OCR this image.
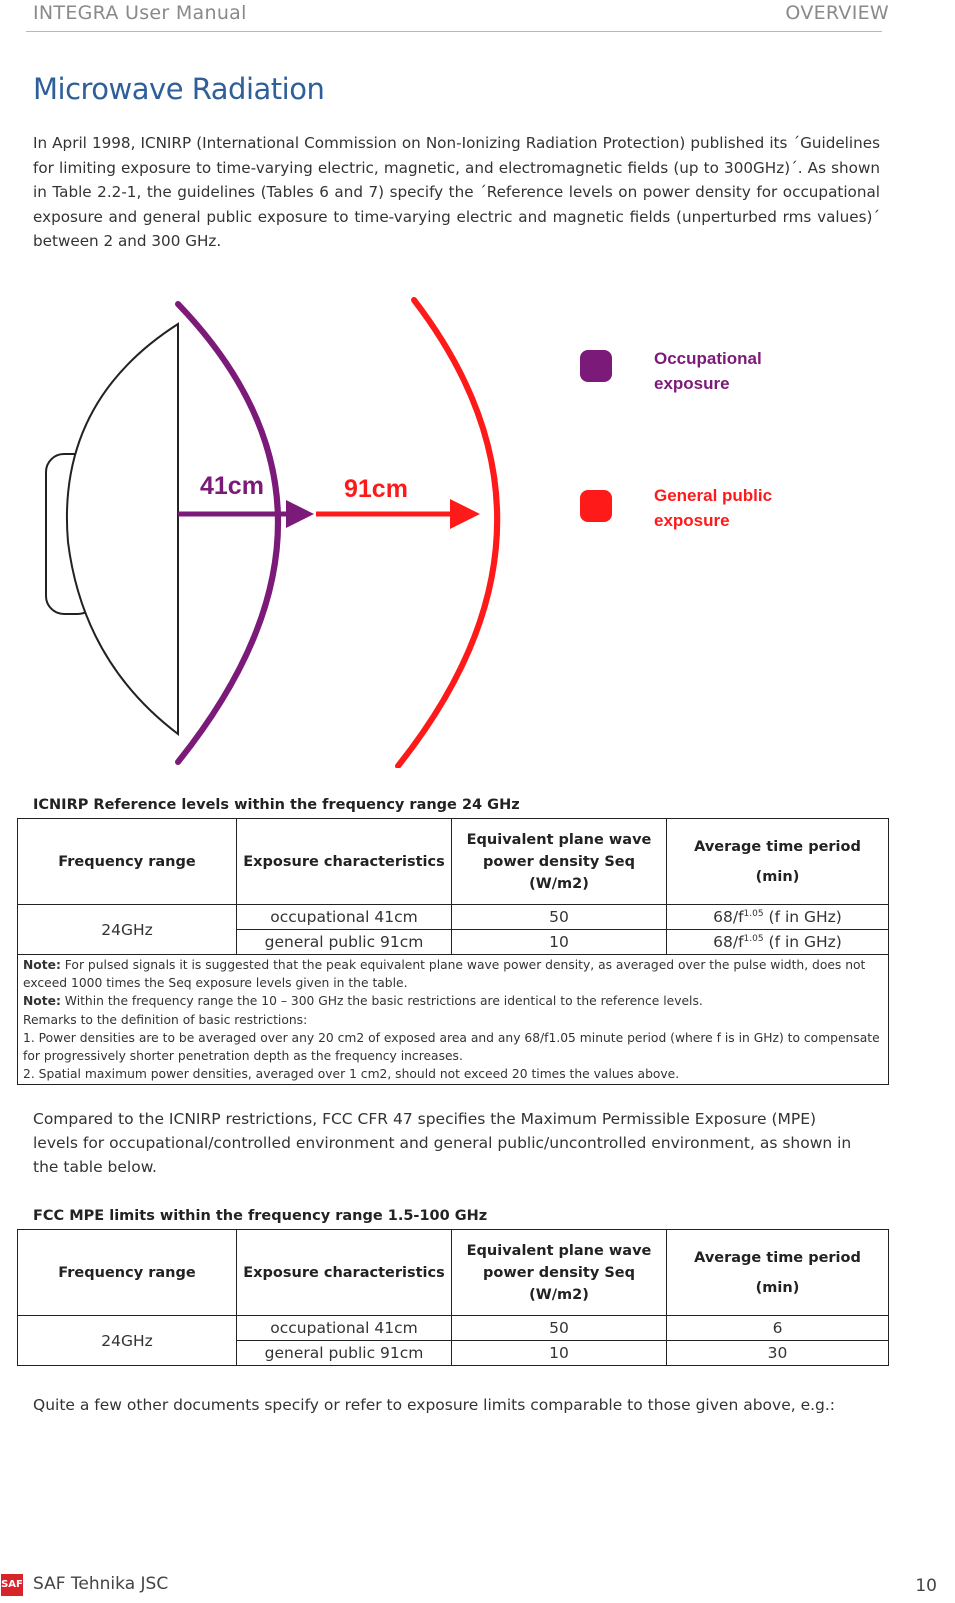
INTEGRA User Manual	OVERVIEW
Microwave Radiation

In April 1998, ICNIRP (International Commission on Non-Ionizing Radiation Protection) published its ´Guidelines for limiting exposure to time-varying electric, magnetic, and electromagnetic fields (up to 300GHz)´. As shown in Table 2.2-1, the guidelines (Tables 6 and 7) specify the ´Reference levels on power density for occupational exposure and general public exposure to time-varying electric and magnetic fields (unperturbed rms values)´ between 2 and 300 GHz.

41cm	91cm
Occupational
exposure
General public
exposure
ICNIRP Reference levels within the frequency range 24 GHz
Frequency range	Exposure characteristics	Equivalent plane wave power density Seq (W/m2)	Average time period (min)
24GHz	occupational 41cm	50	$68/f^{1.05}$ (f in GHz)
	general public 91cm	10	$68/f^{1.05}$ (f in GHz)

Note: For pulsed signals it is suggested that the peak equivalent plane wave power density, as averaged over the pulse width, does not exceed 1000 times the Seq exposure levels given in the table.

Note: Within the frequency range the 10 – 300 GHz the basic restrictions are identical to the reference levels.

Remarks to the definition of basic restrictions:

1. Power densities are to be averaged over any 20 cm2 of exposed area and any 68/f1.05 minute period (where f is in GHz) to compensate for progressively shorter penetration depth as the frequency increases.

2. Spatial maximum power densities, averaged over 1 cm2, should not exceed 20 times the values above.			

Compared to the ICNIRP restrictions, FCC CFR 47 specifies the Maximum Permissible Exposure (MPE) levels for occupational/controlled environment and general public/uncontrolled environment, as shown in the table below.

FCC MPE limits within the frequency range 1.5-100 GHz
Frequency range	Exposure characteristics	Equivalent plane wave power density Seq (W/m2)	Average time period (min)
24GHz	occupational 41cm	50	6
	general public 91cm	10	30

Quite a few other documents specify or refer to exposure limits comparable to those given above, e.g.:

SAF SAF Tehnika JSC	10
